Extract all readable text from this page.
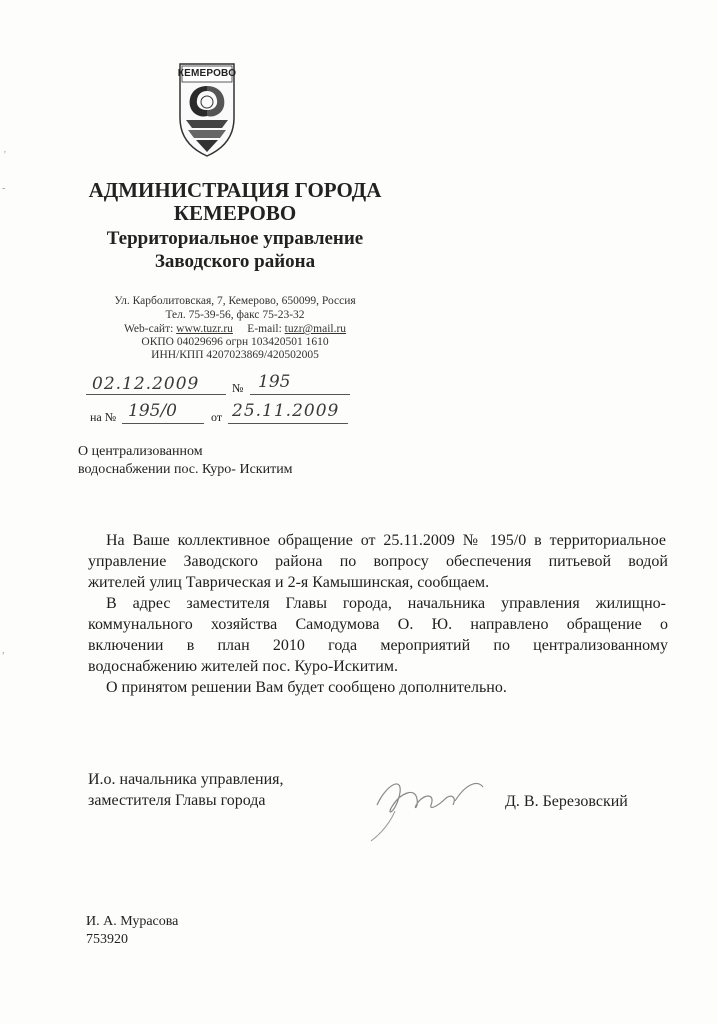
КЕМЕРОВО
АДМИНИСТРАЦИЯ ГОРОДА
КЕМЕРОВО
Территориальное управление
Заводского района
Ул. Карболитовская, 7, Кемерово, 650099, Россия
Тел. 75-39-56, факс 75-23-32
Web-сайт: www.tuzr.ru E-mail: tuzr@mail.ru
ОКПО 04029696 огрн 103420501 1610
ИНН/КПП 4207023869/420502005
02.12.2009	№ 195
на № 195/0	от 25.11.2009
О централизованном
водоснабжении пос. Куро- Искитим
На Ваше коллективное обращение от 25.11.2009 № 195/0 в территориальное
управление Заводского района по вопросу обеспечения питьевой водой
жителей улиц Таврическая и 2-я Камышинская, сообщаем.
В адрес заместителя Главы города, начальника управления жилищно-
коммунального хозяйства Самодумова О. Ю. направлено обращение о
включении в план 2010 года мероприятий по централизованному
водоснабжению жителей пос. Куро-Искитим.
О принятом решении Вам будет сообщено дополнительно.
И.о. начальника управления,
заместителя Главы города	Д. В. Березовский
И. А. Мурасова
753920
'
-
,
